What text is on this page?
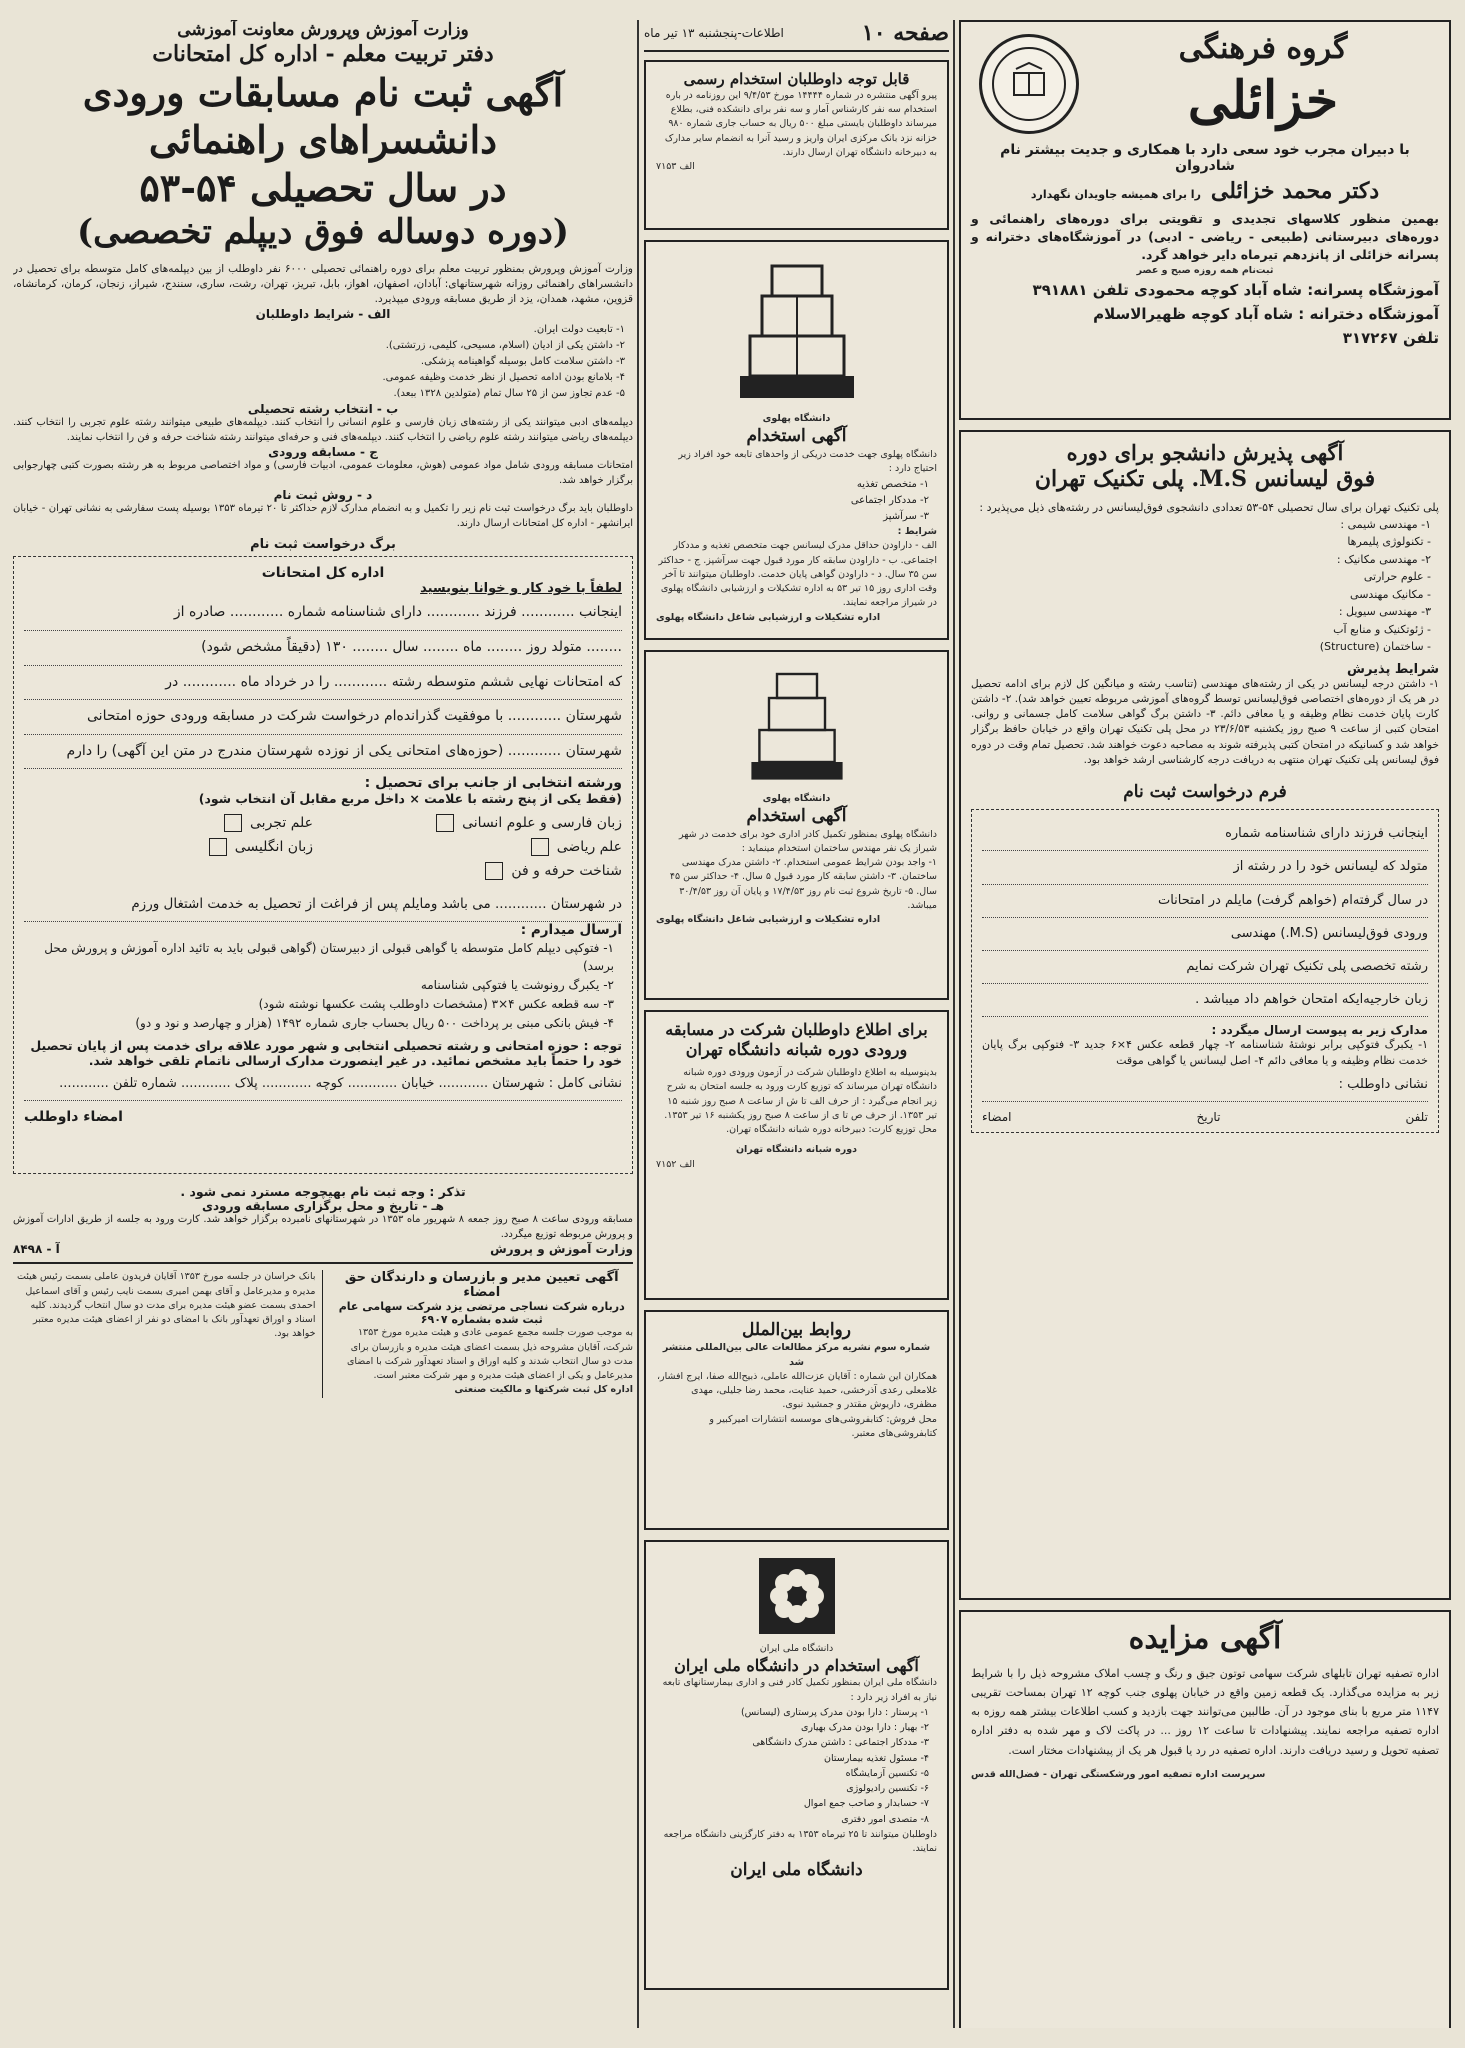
گروه فرهنگی
خزائلی
با دبیران مجرب خود سعی دارد با همکاری و جدیت بیشتر نام شادروان
دکتر محمد خزائلی
را برای همیشه جاویدان نگهدارد
بهمین منظور کلاسهای تجدیدی و تقویتی برای دوره‌های راهنمائی و دوره‌های دبیرستانی (طبیعی - ریاضی - ادبی) در آموزشگاه‌های دخترانه و پسرانه خزائلی از پانزدهم تیرماه دایر خواهد گرد.
ثبت‌نام همه روزه صبح و عصر
آموزشگاه پسرانه: شاه آباد کوچه محمودی تلفن ۳۹۱۸۸۱
آموزشگاه دخترانه : شاه آباد کوچه ظهیرالاسلام
تلفن ۳۱۷۲۶۷
آگهی پذیرش دانشجو برای دوره
فوق لیسانس M.S. پلی تکنیک تهران
پلی تکنیک تهران برای سال تحصیلی ۵۴-۵۳ تعدادی دانشجوی فوق‌لیسانس در رشته‌های ذیل می‌پذیرد :
۱- مهندسی شیمی :
- تکنولوژی پلیمرها
۲- مهندسی مکانیک :
- علوم حرارتی
- مکانیک مهندسی
۳- مهندسی سیویل :
- ژئوتکنیک و منابع آب
- ساختمان (Structure)
شرایط پذیرش
۱- داشتن درجه لیسانس در یکی از رشته‌های مهندسی (تناسب رشته و میانگین کل لازم برای ادامه تحصیل در هر یک از دوره‌های اختصاصی فوق‌لیسانس توسط گروه‌های آموزشی مربوطه تعیین خواهد شد). ۲- داشتن کارت پایان خدمت نظام وظیفه و یا معافی دائم. ۳- داشتن برگ گواهی سلامت کامل جسمانی و روانی. امتحان کتبی از ساعت ۹ صبح روز یکشنبه ۲۳/۶/۵۳ در محل پلی تکنیک تهران واقع در خیابان حافظ برگزار خواهد شد و کسانیکه در امتحان کتبی پذیرفته شوند به مصاحبه دعوت خواهند شد. تحصیل تمام وقت در دوره فوق لیسانس پلی تکنیک تهران منتهی به دریافت درجه کارشناسی ارشد خواهد بود.
فرم درخواست ثبت نام
اینجانب فرزند دارای شناسنامه شماره
متولد که لیسانس خود را در رشته از
در سال گرفته‌ام (خواهم گرفت) مایلم در امتحانات
ورودی فوق‌لیسانس (M.S.) مهندسی
رشته تخصصی پلی تکنیک تهران شرکت نمایم
زبان خارجیه‌ایکه امتحان خواهم داد میباشد .
مدارک زیر به پیوست ارسال میگردد :
۱- یکبرگ فتوکپی برابر نوشتۀ شناسنامه ۲- چهار قطعه عکس ۴×۶ جدید ۳- فتوکپی برگ پایان خدمت نظام وظیفه و یا معافی دائم ۴- اصل لیسانس یا گواهی موقت
نشانی داوطلب :
تلفن
تاریخ
امضاء
آگهی مزایده
اداره تصفیه تهران تابلهای شرکت سهامی توتون جیق و رنگ و چسب املاک مشروحه ذیل را با شرایط زیر به مزایده می‌گذارد. یک قطعه زمین واقع در خیابان پهلوی جنب کوچه ۱۲ تهران بمساحت تقریبی ۱۱۴۷ متر مربع با بنای موجود در آن. طالبین می‌توانند جهت بازدید و کسب اطلاعات بیشتر همه روزه به اداره تصفیه مراجعه نمایند. پیشنهادات تا ساعت ۱۲ روز ... در پاکت لاک و مهر شده به دفتر اداره تصفیه تحویل و رسید دریافت دارند. اداره تصفیه در رد یا قبول هر یک از پیشنهادات مختار است.
سرپرست اداره تصفیه امور ورشکستگی تهران - فضل‌الله قدس
صفحه ۱۰
اطلاعات-پنجشنبه ۱۳ تیر ماه
قابل توجه داوطلبان استخدام رسمی
پیرو آگهی منتشره در شماره ۱۴۴۴۴ مورخ ۹/۴/۵۳ این روزنامه در باره استخدام سه نفر کارشناس آمار و سه نفر برای دانشکده فنی، بطلاع میرساند داوطلبان بایستی مبلغ ۵۰۰ ریال به حساب جاری شماره ۹۸۰ خزانه نزد بانک مرکزی ایران واریز و رسید آنرا به انضمام سایر مدارک به دبیرخانه دانشگاه تهران ارسال دارند.
الف ۷۱۵۳
دانشگاه پهلوی
آگهی استخدام
دانشگاه پهلوی جهت خدمت دریکی از واحدهای تابعه خود افراد زیر احتیاج دارد :
۱- متخصص تغذیه
۲- مددکار اجتماعی
۳- سرآشپز
شرایط :
الف - داراودن حداقل مدرک لیسانس جهت متخصص تغذیه و مددکار اجتماعی. ب - داراودن سابقه کار مورد قبول جهت سرآشپز. ج - حداکثر سن ۳۵ سال. د - داراودن گواهی پایان خدمت. داوطلبان میتوانند تا آخر وقت اداری روز ۱۵ تیر ۵۳ به اداره تشکیلات و ارزشیابی دانشگاه پهلوی در شیراز مراجعه نمایند.
اداره تشکیلات و ارزشیابی شاغل دانشگاه پهلوی
دانشگاه پهلوی
آگهی استخدام
دانشگاه پهلوی بمنظور تکمیل کادر اداری خود برای خدمت در شهر شیراز یک نفر مهندس ساختمان استخدام مینماید :
۱- واجد بودن شرایط عمومی استخدام. ۲- داشتن مدرک مهندسی ساختمان. ۳- داشتن سابقه کار مورد قبول ۵ سال. ۴- حداکثر سن ۴۵ سال. ۵- تاریخ شروع ثبت نام روز ۱۷/۴/۵۳ و پایان آن روز ۳۰/۴/۵۳ میباشد.
اداره تشکیلات و ارزشیابی شاغل دانشگاه پهلوی
برای اطلاع داوطلبان شرکت در مسابقه ورودی دوره شبانه دانشگاه تهران
بدینوسیله به اطلاع داوطلبان شرکت در آزمون ورودی دوره شبانه دانشگاه تهران میرساند که توزیع کارت ورود به جلسه امتحان به شرح زیر انجام می‌گیرد : از حرف الف تا ش از ساعت ۸ صبح روز شنبه ۱۵ تیر ۱۳۵۳. از حرف ص تا ی از ساعت ۸ صبح روز یکشنبه ۱۶ تیر ۱۳۵۳. محل توزیع کارت: دبیرخانه دوره شبانه دانشگاه تهران.
دوره شبانه دانشگاه تهران
الف ۷۱۵۲
روابط بین‌الملل
شماره سوم نشریه مرکز مطالعات عالی بین‌المللی منتشر شد
همکاران این شماره : آقایان عزت‌الله عاملی، ذبیح‌الله صفا، ایرج افشار، غلامعلی رعدی آذرخشی، حمید عنایت، محمد رضا جلیلی، مهدی مظفری، داریوش مقتدر و جمشید نبوی.
محل فروش: کتابفروشی‌های موسسه انتشارات امیرکبیر و کتابفروشی‌های معتبر.
دانشگاه ملی ایران
آگهی استخدام در دانشگاه ملی ایران
دانشگاه ملی ایران بمنظور تکمیل کادر فنی و اداری بیمارستانهای تابعه نیاز به افراد زیر دارد :
۱- پرستار : دارا بودن مدرک پرستاری (لیسانس)
۲- بهیار : دارا بودن مدرک بهیاری
۳- مددکار اجتماعی : داشتن مدرک دانشگاهی
۴- مسئول تغذیه بیمارستان
۵- تکنسین آزمایشگاه
۶- تکنسین رادیولوژی
۷- حسابدار و صاحب جمع اموال
۸- متصدی امور دفتری
داوطلبان میتوانند تا ۲۵ تیرماه ۱۳۵۳ به دفتر کارگزینی دانشگاه مراجعه نمایند.
دانشگاه ملی ایران
وزارت آموزش وپرورش معاونت آموزشی
دفتر تربیت معلم - اداره کل امتحانات
آگهی ثبت نام مسابقات ورودی
دانشسراهای راهنمائی
در سال تحصیلی ۵۴-۵۳
(دوره دوساله فوق دیپلم تخصصی)
وزارت آموزش وپرورش بمنظور تربیت معلم برای دوره راهنمائی تحصیلی ۶۰۰۰ نفر داوطلب از بین دیپلمه‌های کامل متوسطه برای تحصیل در دانشسراهای راهنمائی روزانه شهرستانهای: آبادان، اصفهان، اهواز، بابل، تبریز، تهران، رشت، ساری، سنندج، شیراز، زنجان، کرمان، کرمانشاه، قزوین، مشهد، همدان، یزد از طریق مسابقه ورودی میپذیرد.
الف - شرایط داوطلبان
۱- تابعیت دولت ایران.
۲- داشتن یکی از ادیان (اسلام، مسیحی، کلیمی، زرتشتی).
۳- داشتن سلامت کامل بوسیله گواهینامه پزشکی.
۴- بلامانع بودن ادامه تحصیل از نظر خدمت وظیفه عمومی.
۵- عدم تجاوز سن از ۲۵ سال تمام (متولدین ۱۳۲۸ ببعد).
ب - انتخاب رشته تحصیلی
دیپلمه‌های ادبی میتوانند یکی از رشته‌های زبان فارسی و علوم انسانی را انتخاب کنند. دیپلمه‌های طبیعی میتوانند رشته علوم تجربی را انتخاب کنند. دیپلمه‌های ریاضی میتوانند رشته علوم ریاضی را انتخاب کنند. دیپلمه‌های فنی و حرفه‌ای میتوانند رشته شناخت حرفه و فن را انتخاب نمایند.
ج - مسابقه ورودی
امتحانات مسابقه ورودی شامل مواد عمومی (هوش، معلومات عمومی، ادبیات فارسی) و مواد اختصاصی مربوط به هر رشته بصورت کتبی چهارجوابی برگزار خواهد شد.
د - روش ثبت نام
داوطلبان باید برگ درخواست ثبت نام زیر را تکمیل و به انضمام مدارک لازم حداکثر تا ۲۰ تیرماه ۱۳۵۳ بوسیله پست سفارشی به نشانی تهران - خیابان ایرانشهر - اداره کل امتحانات ارسال دارند.
برگ درخواست ثبت نام
اداره کل امتحانات
لطفاً با خود کار و خوانا بنویسید
اینجانب ............ فرزند ............ دارای شناسنامه شماره ............ صادره از
........ متولد روز ........ ماه ........ سال ........ ۱۳۰ (دقیقاً مشخص شود)
که امتحانات نهایی ششم متوسطه رشته ............ را در خرداد ماه ............ در
شهرستان ............ با موفقیت گذرانده‌ام درخواست شرکت در مسابقه ورودی حوزه امتحانی
شهرستان ............ (حوزه‌های امتحانی یکی از نوزده شهرستان مندرج در متن این آگهی) را دارم
ورشته انتخابی از جانب برای تحصیل :
(فقط یکی از پنج رشته با علامت × داخل مربع مقابل آن انتخاب شود)
زبان فارسی و علوم انسانی
علم تجربی
علم ریاضی
زبان انگلیسی
شناخت حرفه و فن
در شهرستان ............ می باشد ومایلم پس از فراغت از تحصیل به خدمت اشتغال ورزم
ارسال میدارم :
۱- فتوکپی دیپلم کامل متوسطه یا گواهی قبولی از دبیرستان (گواهی قبولی باید به تائید اداره آموزش و پرورش محل برسد)
۲- یکبرگ رونوشت یا فتوکپی شناسنامه
۳- سه قطعه عکس ۴×۳ (مشخصات داوطلب پشت عکسها نوشته شود)
۴- فیش بانکی مبنی بر پرداخت ۵۰۰ ریال بحساب جاری شماره ۱۴۹۲ (هزار و چهارصد و نود و دو)
توجه : حوزه امتحانی و رشته تحصیلی انتخابی و شهر مورد علاقه برای خدمت پس از پایان تحصیل خود را حتماً باید مشخص نمائید. در غیر اینصورت مدارک ارسالی ناتمام تلقی خواهد شد.
نشانی کامل : شهرستان ............ خیابان ............ کوچه ............ پلاک ............ شماره تلفن ............
امضاء داوطلب
تذکر : وجه ثبت نام بهیچوجه مسترد نمی شود .
هـ - تاریخ و محل برگزاری مسابقه ورودی
مسابقه ورودی ساعت ۸ صبح روز جمعه ۸ شهریور ماه ۱۳۵۳ در شهرستانهای نامبرده برگزار خواهد شد. کارت ورود به جلسه از طریق ادارات آموزش و پرورش مربوطه توزیع میگردد.
وزارت آموزش و پرورش
آ - ۸۴۹۸
آگهی تعیین مدیر و بازرسان و دارندگان حق امضاء
درباره شرکت نساجی مرتضی یزد شرکت سهامی عام ثبت شده بشماره ۶۹۰۷
به موجب صورت جلسه مجمع عمومی عادی و هیئت مدیره مورخ ۱۳۵۳ شرکت، آقایان مشروحه ذیل بسمت اعضای هیئت مدیره و بازرسان برای مدت دو سال انتخاب شدند و کلیه اوراق و اسناد تعهدآور شرکت با امضای مدیرعامل و یکی از اعضای هیئت مدیره و مهر شرکت معتبر است.
اداره کل ثبت شرکتها و مالکیت صنعتی
بانک خراسان در جلسه مورخ ۱۳۵۳ آقایان فریدون عاملی بسمت رئیس هیئت مدیره و مدیرعامل و آقای بهمن امیری بسمت نایب رئیس و آقای اسماعیل احمدی بسمت عضو هیئت مدیره برای مدت دو سال انتخاب گردیدند. کلیه اسناد و اوراق تعهدآور بانک با امضای دو نفر از اعضای هیئت مدیره معتبر خواهد بود.
